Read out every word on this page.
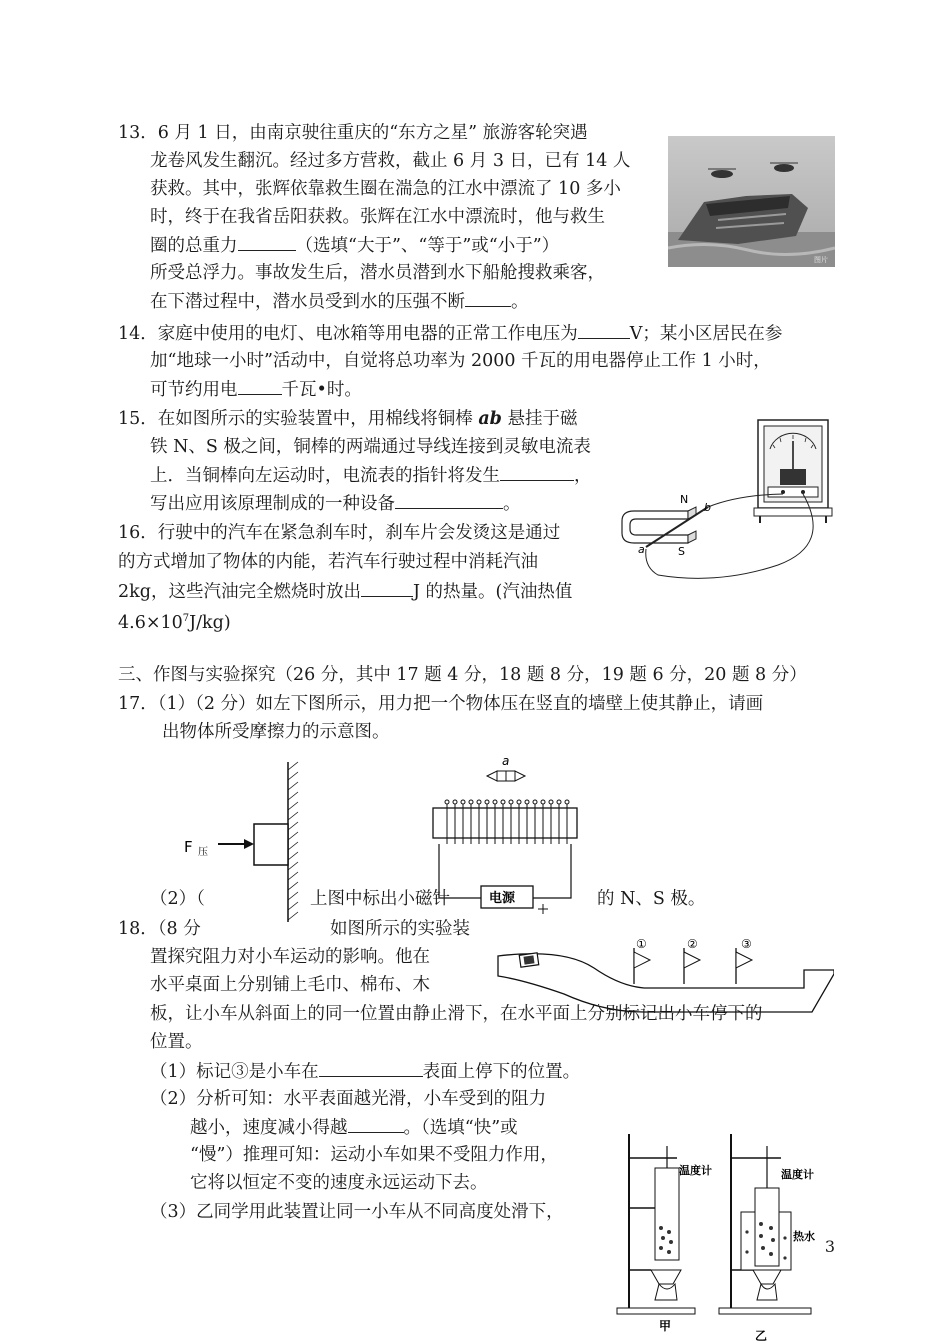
13．6 月 1 日，由南京驶往重庆的“东方之星” 旅游客轮突遇
龙卷风发生翻沉。经过多方营救，截止 6 月 3 日，已有 14 人
获救。其中，张辉依靠救生圈在湍急的江水中漂流了 10 多小
时，终于在我省岳阳获救。张辉在江水中漂流时，他与救生
圈的总重力	（选填“大于”、“等于”或“小于”）
所受总浮力。事故发生后，潜水员潜到水下船舱搜救乘客，
在下潜过程中，潜水员受到水的压强不断	。
图片
14．家庭中使用的电灯、电冰箱等用电器的正常工作电压为	V；某小区居民在参
加“地球一小时”活动中，自觉将总功率为 2000 千瓦的用电器停止工作 1 小时，
可节约用电	千瓦•时。
15．在如图所示的实验装置中，用棉线将铜棒 ab 悬挂于磁
铁 N、S 极之间，铜棒的两端通过导线连接到灵敏电流表
上．当铜棒向左运动时，电流表的指针将发生	，
写出应用该原理制成的一种设备	。	N
S
a
b
16．行驶中的汽车在紧急刹车时，刹车片会发烫这是通过
的方式增加了物体的内能，若汽车行驶过程中消耗汽油
2kg，这些汽油完全燃烧时放出	J 的热量。(汽油热值
$4.6\times 10^7J/kg$)
三、作图与实验探究（26 分，其中 17 题 4 分，18 题 8 分，19 题 6 分，20 题 8 分）
17．（1）（2 分）如左下图所示，用力把一个物体压在竖直的墙壁上使其静止，请画
出物体所受摩擦力的示意图。
F 压
a
电源
（2）（	上图中标出小磁针	的 N、S 极。
18．（8 分	如图所示的实验装
置探究阻力对小车运动的影响。他在
水平桌面上分别铺上毛巾、棉布、木
①	②	③
板，让小车从斜面上的同一位置由静止滑下，在水平面上分别标记出小车停下的
位置。
（1）标记③是小车在	表面上停下的位置。
（2）分析可知：水平表面越光滑，小车受到的阻力
越小，速度减小得越	。（选填“快”或
“慢”）推理可知：运动小车如果不受阻力作用，
它将以恒定不变的速度永远运动下去。
（3）乙同学用此装置让同一小车从不同高度处滑下，
温度计
甲
温度计
热水
乙
3
